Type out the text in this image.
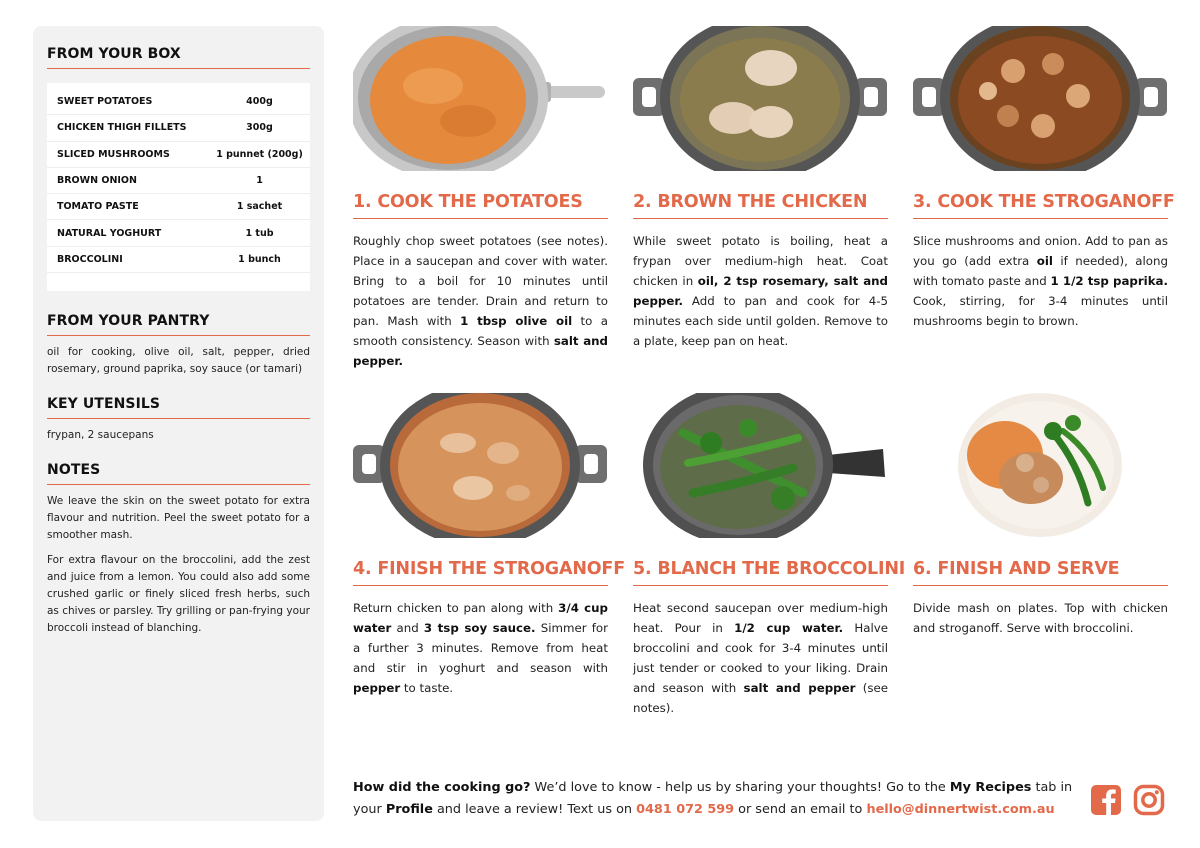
FROM YOUR BOX
SWEET POTATOES	400g
CHICKEN THIGH FILLETS	300g
SLICED MUSHROOMS	1 punnet (200g)
BROWN ONION	1
TOMATO PASTE	1 sachet
NATURAL YOGHURT	1 tub
BROCCOLINI	1 bunch
FROM YOUR PANTRY

oil for cooking, olive oil, salt, pepper, dried rosemary, ground paprika, soy sauce (or tamari)

KEY UTENSILS

frypan, 2 saucepans

NOTES

We leave the skin on the sweet potato for extra flavour and nutrition. Peel the sweet potato for a smoother mash.

For extra flavour on the broccolini, add the zest and juice from a lemon. You could also add some crushed garlic or finely sliced fresh herbs, such as chives or parsley. Try grilling or pan-frying your broccoli instead of blanching.

1. COOK THE POTATOES

Roughly chop sweet potatoes (see notes). Place in a saucepan and cover with water. Bring to a boil for 10 minutes until potatoes are tender. Drain and return to pan. Mash with 1 tbsp olive oil to a smooth consistency. Season with salt and pepper.

2. BROWN THE CHICKEN

While sweet potato is boiling, heat a frypan over medium-high heat. Coat chicken in oil, 2 tsp rosemary, salt and pepper. Add to pan and cook for 4-5 minutes each side until golden. Remove to a plate, keep pan on heat.

3. COOK THE STROGANOFF

Slice mushrooms and onion. Add to pan as you go (add extra oil if needed), along with tomato paste and 1 1/2 tsp paprika. Cook, stirring, for 3-4 minutes until mushrooms begin to brown.

4. FINISH THE STROGANOFF

Return chicken to pan along with 3/4 cup water and 3 tsp soy sauce. Simmer for a further 3 minutes. Remove from heat and stir in yoghurt and season with pepper to taste.

5. BLANCH THE BROCCOLINI

Heat second saucepan over medium-high heat. Pour in 1/2 cup water. Halve broccolini and cook for 3-4 minutes until just tender or cooked to your liking. Drain and season with salt and pepper (see notes).

6. FINISH AND SERVE

Divide mash on plates. Top with chicken and stroganoff. Serve with broccolini.

How did the cooking go? We’d love to know - help us by sharing your thoughts! Go to the My Recipes tab in your Profile and leave a review! Text us on 0481 072 599 or send an email to hello@dinnertwist.com.au
